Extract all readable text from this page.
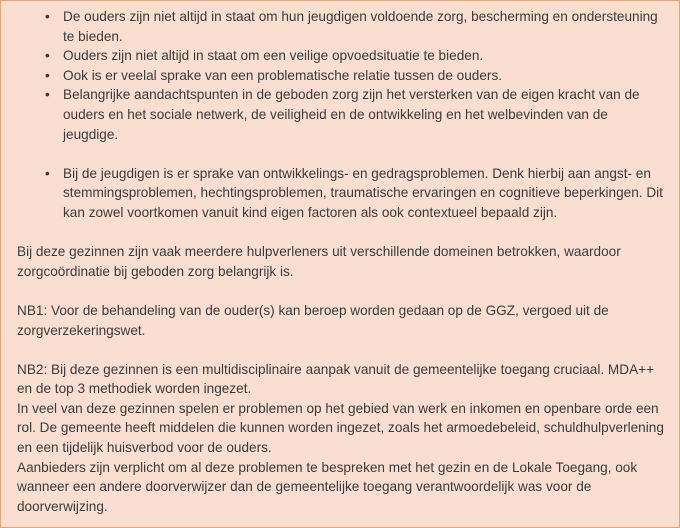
• De ouders zijn niet altijd in staat om hun jeugdigen voldoende zorg, bescherming en ondersteuning te bieden.
• Ouders zijn niet altijd in staat om een veilige opvoedsituatie te bieden.
• Ook is er veelal sprake van een problematische relatie tussen de ouders.
• Belangrijke aandachtspunten in de geboden zorg zijn het versterken van de eigen kracht van de ouders en het sociale netwerk, de veiligheid en de ontwikkeling en het welbevinden van de jeugdige.
• Bij de jeugdigen is er sprake van ontwikkelings- en gedragsproblemen. Denk hierbij aan angst- en stemmingsproblemen, hechtingsproblemen, traumatische ervaringen en cognitieve beperkingen. Dit kan zowel voortkomen vanuit kind eigen factoren als ook contextueel bepaald zijn.

Bij deze gezinnen zijn vaak meerdere hulpverleners uit verschillende domeinen betrokken, waardoor zorgcoördinatie bij geboden zorg belangrijk is.

NB1: Voor de behandeling van de ouder(s) kan beroep worden gedaan op de GGZ, vergoed uit de zorgverzekeringswet.

NB2: Bij deze gezinnen is een multidisciplinaire aanpak vanuit de gemeentelijke toegang cruciaal. MDA++ en de top 3 methodiek worden ingezet.

In veel van deze gezinnen spelen er problemen op het gebied van werk en inkomen en openbare orde een rol. De gemeente heeft middelen die kunnen worden ingezet, zoals het armoedebeleid, schuldhulpverlening en een tijdelijk huisverbod voor de ouders.

Aanbieders zijn verplicht om al deze problemen te bespreken met het gezin en de Lokale Toegang, ook wanneer een andere doorverwijzer dan de gemeentelijke toegang verantwoordelijk was voor de doorverwijzing.
